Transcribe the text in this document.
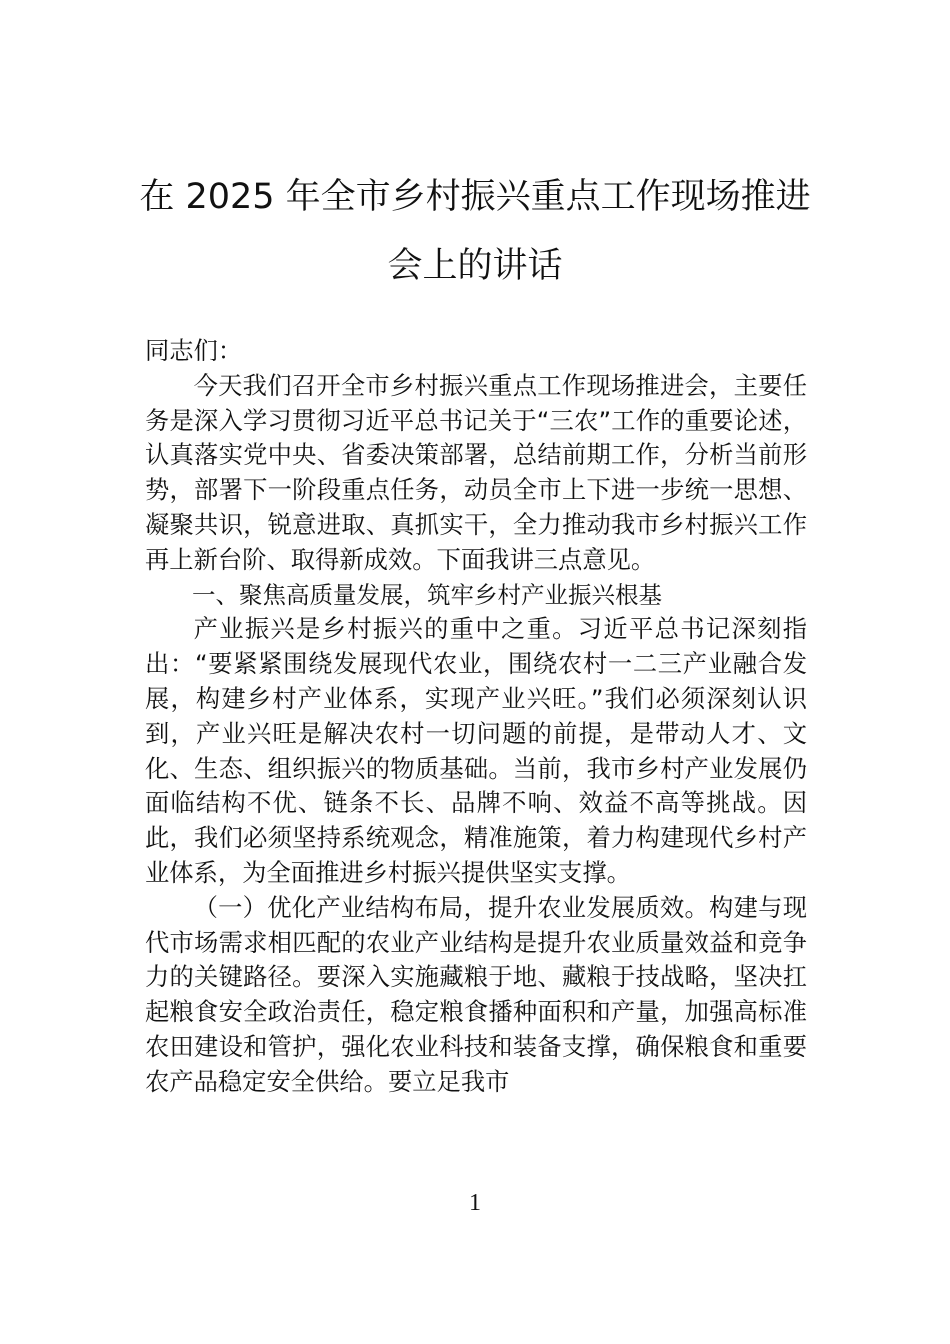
在 2025 年全市乡村振兴重点工作现场推进
会上的讲话

同志们：

今天我们召开全市乡村振兴重点工作现场推进会，主要任务是深入学习贯彻习近平总书记关于“三农”工作的重要论述，认真落实党中央、省委决策部署，总结前期工作，分析当前形势，部署下一阶段重点任务，动员全市上下进一步统一思想、凝聚共识，锐意进取、真抓实干，全力推动我市乡村振兴工作再上新台阶、取得新成效。下面我讲三点意见。

一、聚焦高质量发展，筑牢乡村产业振兴根基

产业振兴是乡村振兴的重中之重。习近平总书记深刻指出：“要紧紧围绕发展现代农业，围绕农村一二三产业融合发展，构建乡村产业体系，实现产业兴旺。”我们必须深刻认识到，产业兴旺是解决农村一切问题的前提，是带动人才、文化、生态、组织振兴的物质基础。当前，我市乡村产业发展仍面临结构不优、链条不长、品牌不响、效益不高等挑战。因此，我们必须坚持系统观念，精准施策，着力构建现代乡村产业体系，为全面推进乡村振兴提供坚实支撑。

（一）优化产业结构布局，提升农业发展质效。构建与现代市场需求相匹配的农业产业结构是提升农业质量效益和竞争力的关键路径。要深入实施藏粮于地、藏粮于技战略，坚决扛起粮食安全政治责任，稳定粮食播种面积和产量，加强高标准农田建设和管护，强化农业科技和装备支撑，确保粮食和重要农产品稳定安全供给。要立足我市

1
